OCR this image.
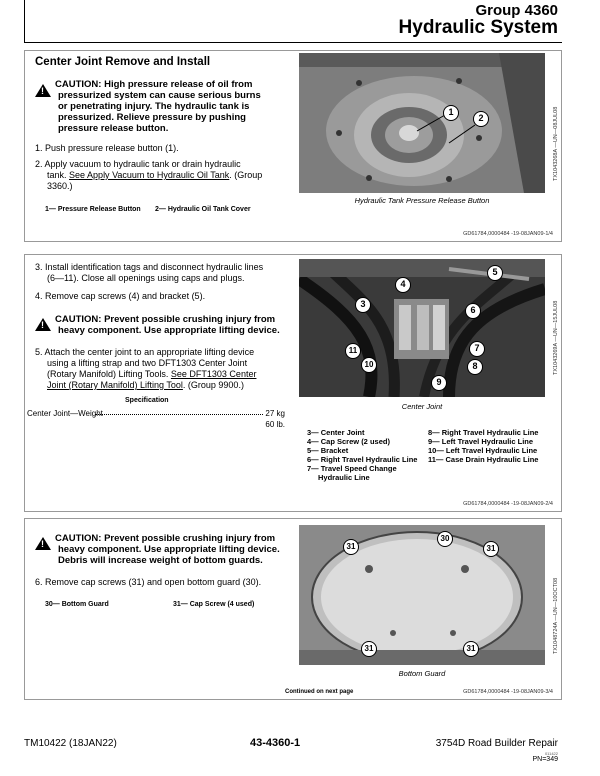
Group 4360
Hydraulic System
Center Joint Remove and Install
!
CAUTION: High pressure release of oil from
pressurized system can cause serious burns
or penetrating injury. The hydraulic tank is
pressurized. Relieve pressure by pushing
pressure release button.
1. Push pressure release button (1).
2. Apply vacuum to hydraulic tank or drain hydraulic
tank. See Apply Vacuum to Hydraulic Oil Tank. (Group
3360.)
1— Pressure Release Button 2— Hydraulic Oil Tank Cover
1
2
Hydraulic Tank Pressure Release Button
TX1043268A —UN—08JUL08
GD61784,0000484 -19-08JAN09-1/4
3. Install identification tags and disconnect hydraulic lines
(6—11). Close all openings using caps and plugs.
4. Remove cap screws (4) and bracket (5).
!
CAUTION: Prevent possible crushing injury from
heavy component. Use appropriate lifting device.
5. Attach the center joint to an appropriate lifting device
using a lifting strap and two DFT1303 Center Joint
(Rotary Manifold) Lifting Tools. See DFT1303 Center
Joint (Rotary Manifold) Lifting Tool. (Group 9900.)
Specification
Center Joint—Weight	27 kg
60 lb.
4
5
3
6
7
8
9
10
11
Center Joint
TX1043269A —UN—15JUL08
3— Center Joint
4— Cap Screw (2 used)
5— Bracket
6— Right Travel Hydraulic Line
7— Travel Speed Change
Hydraulic Line
8— Right Travel Hydraulic Line
9— Left Travel Hydraulic Line
10— Left Travel Hydraulic Line
11— Case Drain Hydraulic Line
GD61784,0000484 -19-08JAN09-2/4
!
CAUTION: Prevent possible crushing injury from
heavy component. Use appropriate lifting device.
Debris will increase weight of bottom guards.
6. Remove cap screws (31) and open bottom guard (30).
30— Bottom Guard	31— Cap Screw (4 used)
31
30
31
31	31
Bottom Guard
TX1048724A —UN—10OCT08
Continued on next page	GD61784,0000484 -19-08JAN09-3/4
TM10422 (18JAN22)	43-4360-1	3754D Road Builder Repair
011422
PN=349
